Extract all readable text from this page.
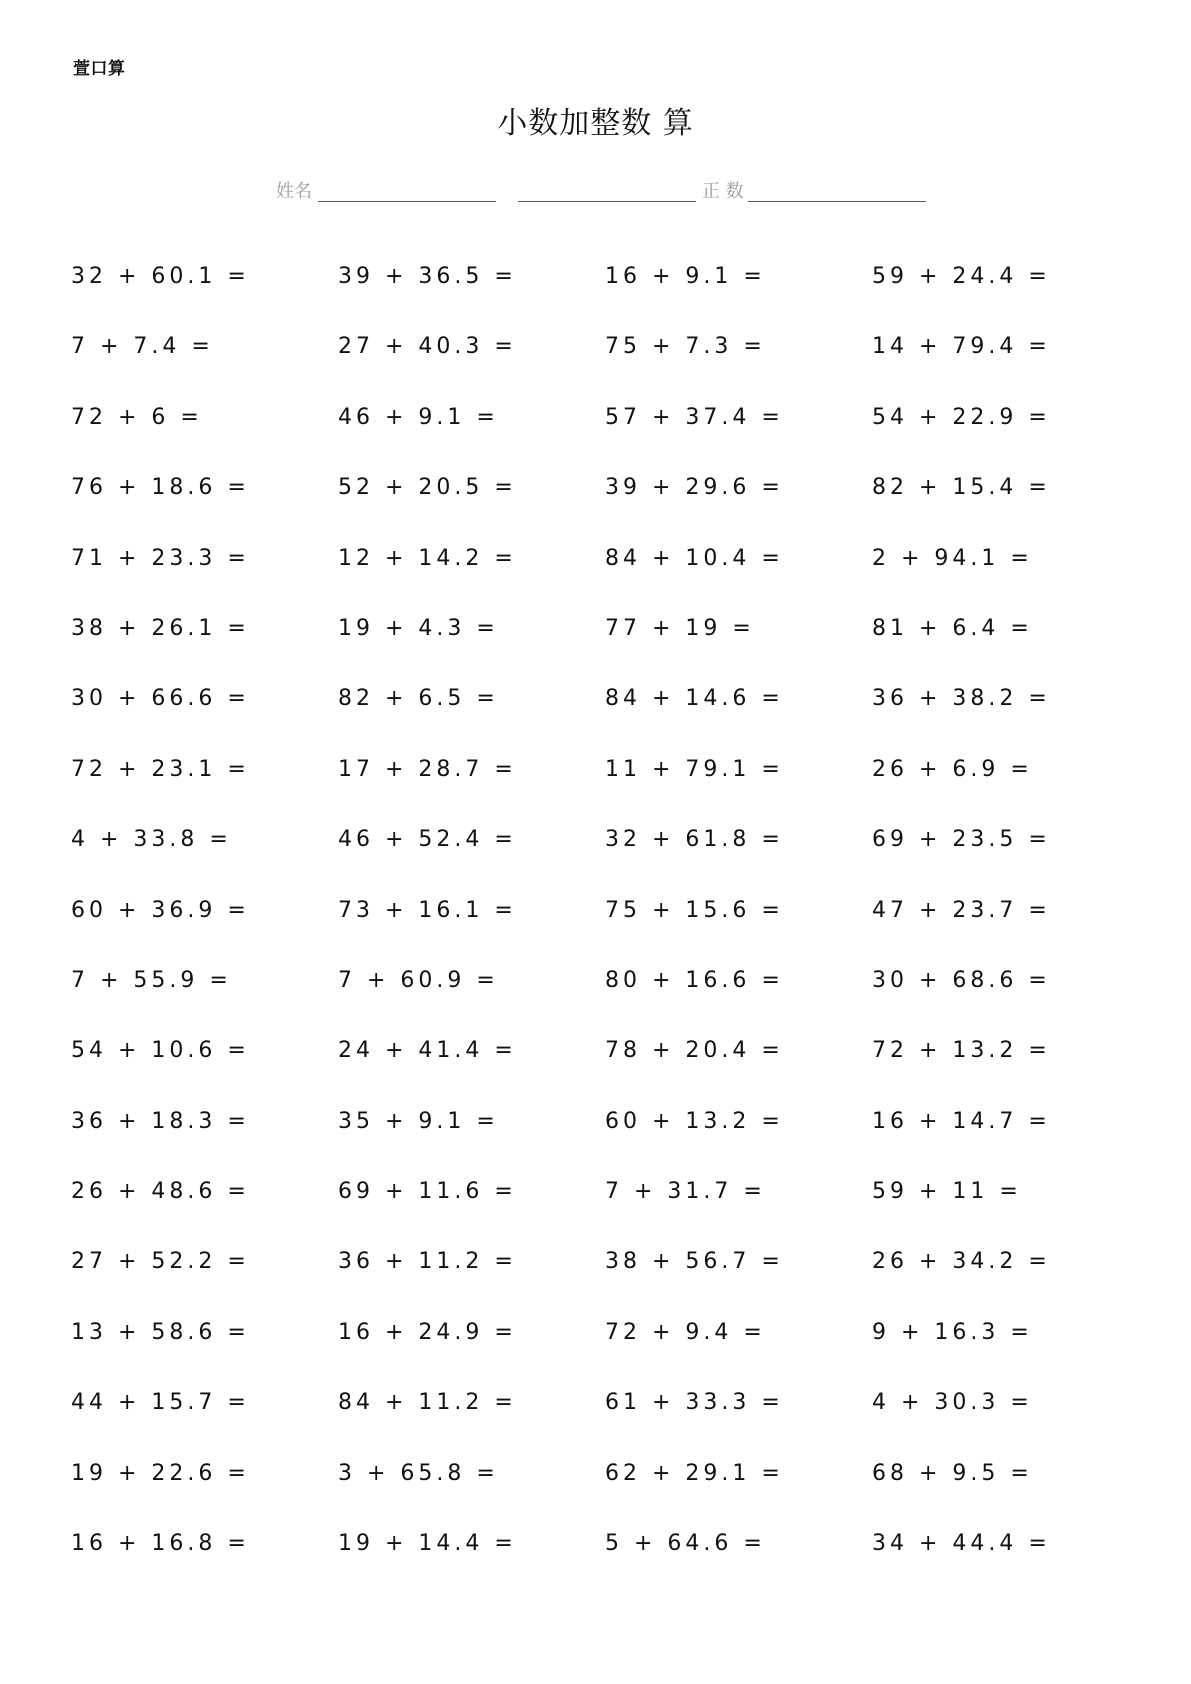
萱口算
小数加整数 算
姓名	正 数
32 + 60.1 =	39 + 36.5 =	16 + 9.1 =	59 + 24.4 =
7 + 7.4 =	27 + 40.3 =	75 + 7.3 =	14 + 79.4 =
72 + 6 =	46 + 9.1 =	57 + 37.4 =	54 + 22.9 =
76 + 18.6 =	52 + 20.5 =	39 + 29.6 =	82 + 15.4 =
71 + 23.3 =	12 + 14.2 =	84 + 10.4 =	2 + 94.1 =
38 + 26.1 =	19 + 4.3 =	77 + 19 =	81 + 6.4 =
30 + 66.6 =	82 + 6.5 =	84 + 14.6 =	36 + 38.2 =
72 + 23.1 =	17 + 28.7 =	11 + 79.1 =	26 + 6.9 =
4 + 33.8 =	46 + 52.4 =	32 + 61.8 =	69 + 23.5 =
60 + 36.9 =	73 + 16.1 =	75 + 15.6 =	47 + 23.7 =
7 + 55.9 =	7 + 60.9 =	80 + 16.6 =	30 + 68.6 =
54 + 10.6 =	24 + 41.4 =	78 + 20.4 =	72 + 13.2 =
36 + 18.3 =	35 + 9.1 =	60 + 13.2 =	16 + 14.7 =
26 + 48.6 =	69 + 11.6 =	7 + 31.7 =	59 + 11 =
27 + 52.2 =	36 + 11.2 =	38 + 56.7 =	26 + 34.2 =
13 + 58.6 =	16 + 24.9 =	72 + 9.4 =	9 + 16.3 =
44 + 15.7 =	84 + 11.2 =	61 + 33.3 =	4 + 30.3 =
19 + 22.6 =	3 + 65.8 =	62 + 29.1 =	68 + 9.5 =
16 + 16.8 =	19 + 14.4 =	5 + 64.6 =	34 + 44.4 =
